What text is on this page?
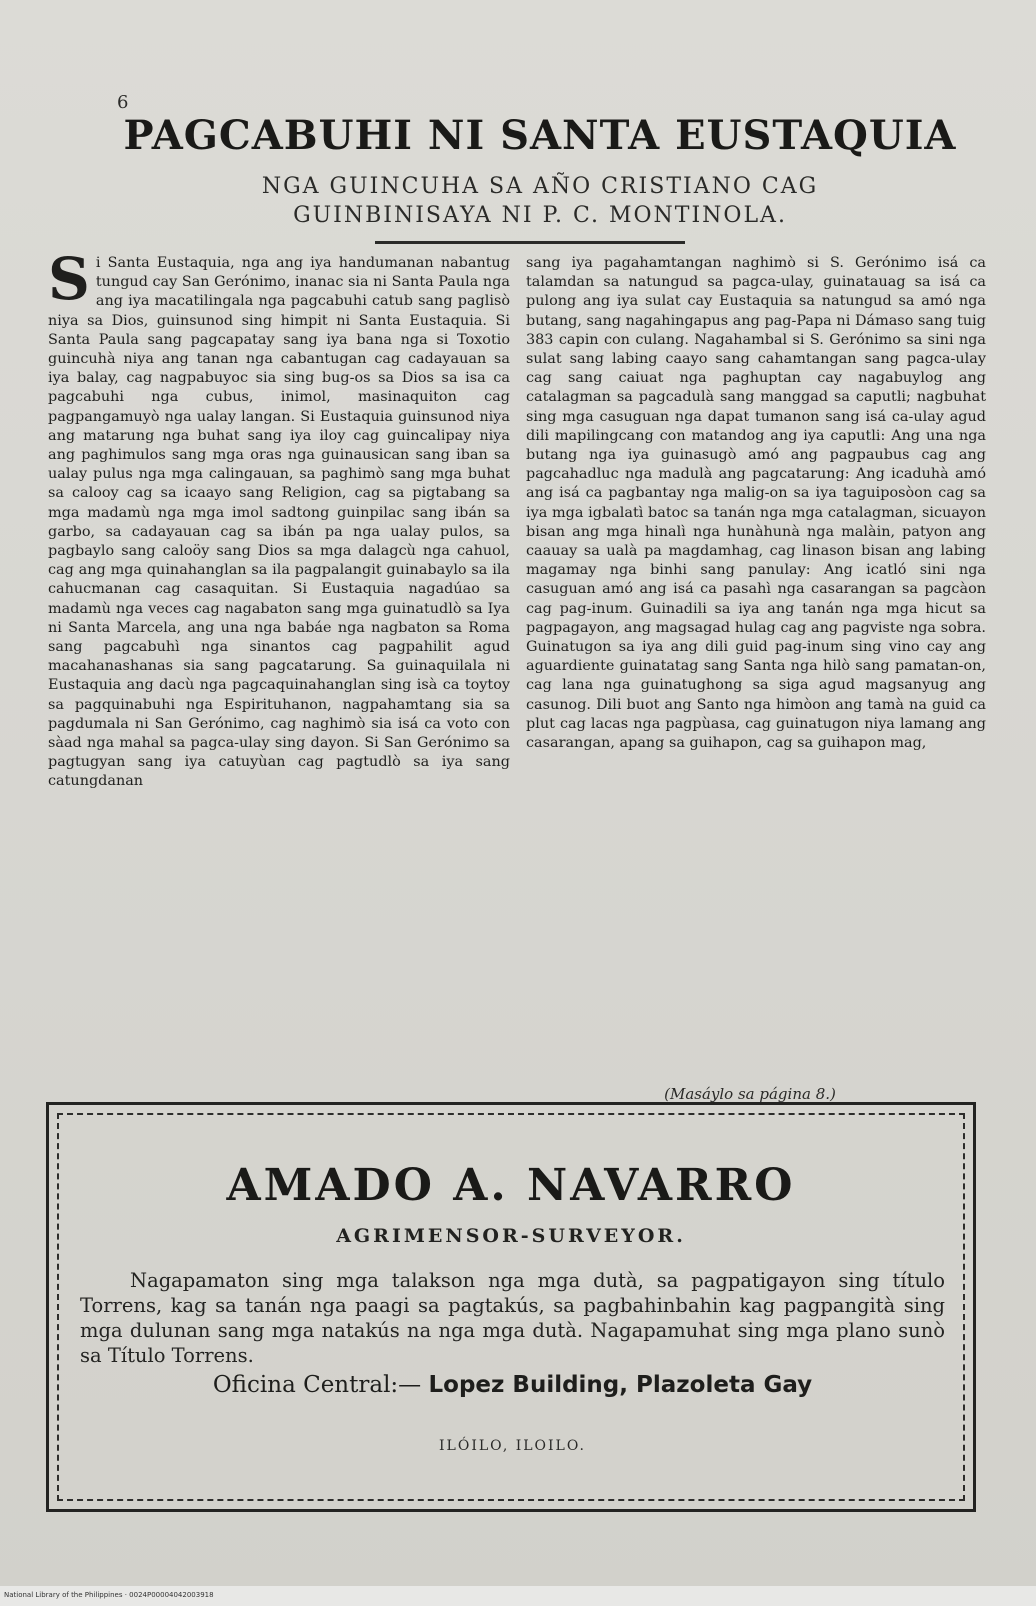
6
PAGCABUHI NI SANTA EUSTAQUIA
NGA GUINCUHA SA AÑO CRISTIANO CAG
GUINBINISAYA NI P. C. MONTINOLA.

Si Santa Eustaquia, nga ang iya handumanan nabantug tungud cay San Gerónimo, inanac sia ni Santa Paula nga ang iya macatilingala nga pagcabuhi catub sang paglisò niya sa Dios, guinsunod sing himpit ni Santa Eustaquia. Si Santa Paula sang pagcapatay sang iya bana nga si Toxotio guincuhà niya ang tanan nga cabantugan cag cadayauan sa iya balay, cag nagpabuyoc sia sing bug-os sa Dios sa isa ca pagcabuhi nga cubus, inimol, masinaquiton cag pagpangamuyò nga ualay langan. Si Eustaquia guinsunod niya ang matarung nga buhat sang iya iloy cag guincalipay niya ang paghimulos sang mga oras nga guinausican sang iban sa ualay pulus nga mga calingauan, sa paghimò sang mga buhat sa calooy cag sa icaayo sang Religion, cag sa pigtabang sa mga madamù nga mga imol sadtong guinpilac sang ibán sa garbo, sa cadayauan cag sa ibán pa nga ualay pulos, sa pagbaylo sang caloöy sang Dios sa mga dalagcù nga cahuol, cag ang mga quinahanglan sa ila pagpalangit guinabaylo sa ila cahucmanan cag casaquitan. Si Eustaquia nagadúao sa madamù nga veces cag nagabaton sang mga guinatudlò sa Iya ni Santa Marcela, ang una nga babáe nga nagbaton sa Roma sang pagcabuhì nga sinantos cag pagpahilit agud macahanashanas sia sang pagcatarung. Sa guinaquilala ni Eustaquia ang dacù nga pagcaquinahanglan sing isà ca toytoy sa pagquinabuhi nga Espirituhanon, nagpahamtang sia sa pagdumala ni San Gerónimo, cag naghimò sia isá ca voto con sàad nga mahal sa pagca-ulay sing dayon. Si San Gerónimo sa pagtugyan sang iya catuyùan cag pagtudlò sa iya sang catungdanan

sang iya pagahamtangan naghimò si S. Gerónimo isá ca talamdan sa natungud sa pagca-ulay, guinatauag sa isá ca pulong ang iya sulat cay Eustaquia sa natungud sa amó nga butang, sang nagahingapus ang pag-Papa ni Dámaso sang tuig 383 capin con culang. Nagahambal si S. Gerónimo sa sini nga sulat sang labing caayo sang cahamtangan sang pagca-ulay cag sang caiuat nga paghuptan cay nagabuylog ang catalagman sa pagcadulà sang manggad sa caputli; nagbuhat sing mga casuguan nga dapat tumanon sang isá ca-ulay agud dili mapilingcang con matandog ang iya caputli: Ang una nga butang nga iya guinasugò amó ang pagpaubus cag ang pagcahadluc nga madulà ang pagcatarung: Ang icaduhà amó ang isá ca pagbantay nga malig-on sa iya taguiposòon cag sa iya mga igbalatì batoc sa tanán nga mga catalagman, sicuayon bisan ang mga hinalì nga hunàhunà nga malàin, patyon ang caauay sa ualà pa magdamhag, cag linason bisan ang labing magamay nga binhi sang panulay: Ang icatló sini nga casuguan amó ang isá ca pasahì nga casarangan sa pagcàon cag pag-inum. Guinadili sa iya ang tanán nga mga hicut sa pagpagayon, ang magsagad hulag cag ang pagviste nga sobra. Guinatugon sa iya ang dili guid pag-inum sing vino cay ang aguardiente guinatatag sang Santa nga hilò sang pamatan-on, cag lana nga guinatughong sa siga agud magsanyug ang casunog. Dili buot ang Santo nga himòon ang tamà na guid ca plut cag lacas nga pagpùasa, cag guinatugon niya lamang ang casarangan, apang sa guihapon, cag sa guihapon mag,

(Masáylo sa página 8.)
AMADO A. NAVARRO
AGRIMENSOR-SURVEYOR.

Nagapamaton sing mga talakson nga mga dutà, sa pagpatigayon sing título Torrens, kag sa tanán nga paagi sa pagtakús, sa pagbahinbahin kag pagpangità sing mga dulunan sang mga natakús na nga mga dutà. Nagapamuhat sing mga plano sunò sa Título Torrens.

Oficina Central:— Lopez Building, Plazoleta Gay
ILÓILO, ILOILO.
National Library of the Philippines · 0024P00004042003918
